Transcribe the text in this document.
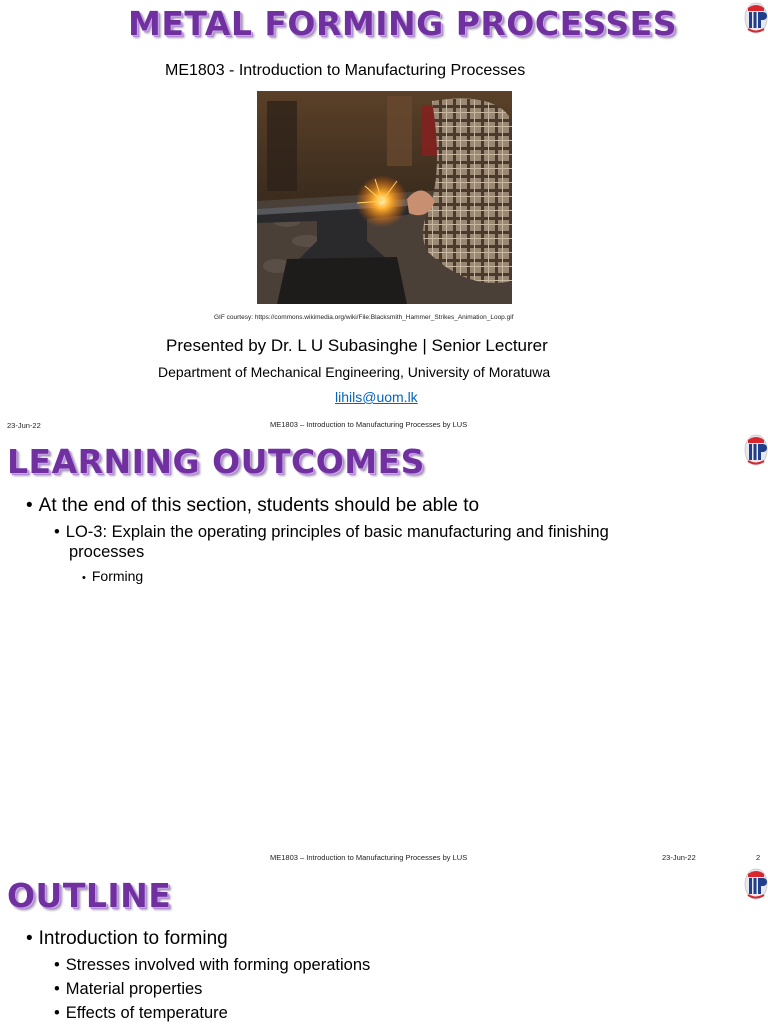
METAL FORMING PROCESSES
ME1803 - Introduction to Manufacturing Processes
GIF courtesy: https://commons.wikimedia.org/wiki/File:Blacksmith_Hammer_Strikes_Animation_Loop.gif
Presented by Dr. L U Subasinghe | Senior Lecturer
Department of Mechanical Engineering, University of Moratuwa
lihils@uom.lk
23-Jun-22	ME1803 – Introduction to Manufacturing Processes by LUS
LEARNING OUTCOMES
• At the end of this section, students should be able to
• LO-3: Explain the operating principles of basic manufacturing and finishing
processes
• Forming
ME1803 – Introduction to Manufacturing Processes by LUS	23-Jun-22	2
OUTLINE
• Introduction to forming
• Stresses involved with forming operations
• Material properties
• Effects of temperature
